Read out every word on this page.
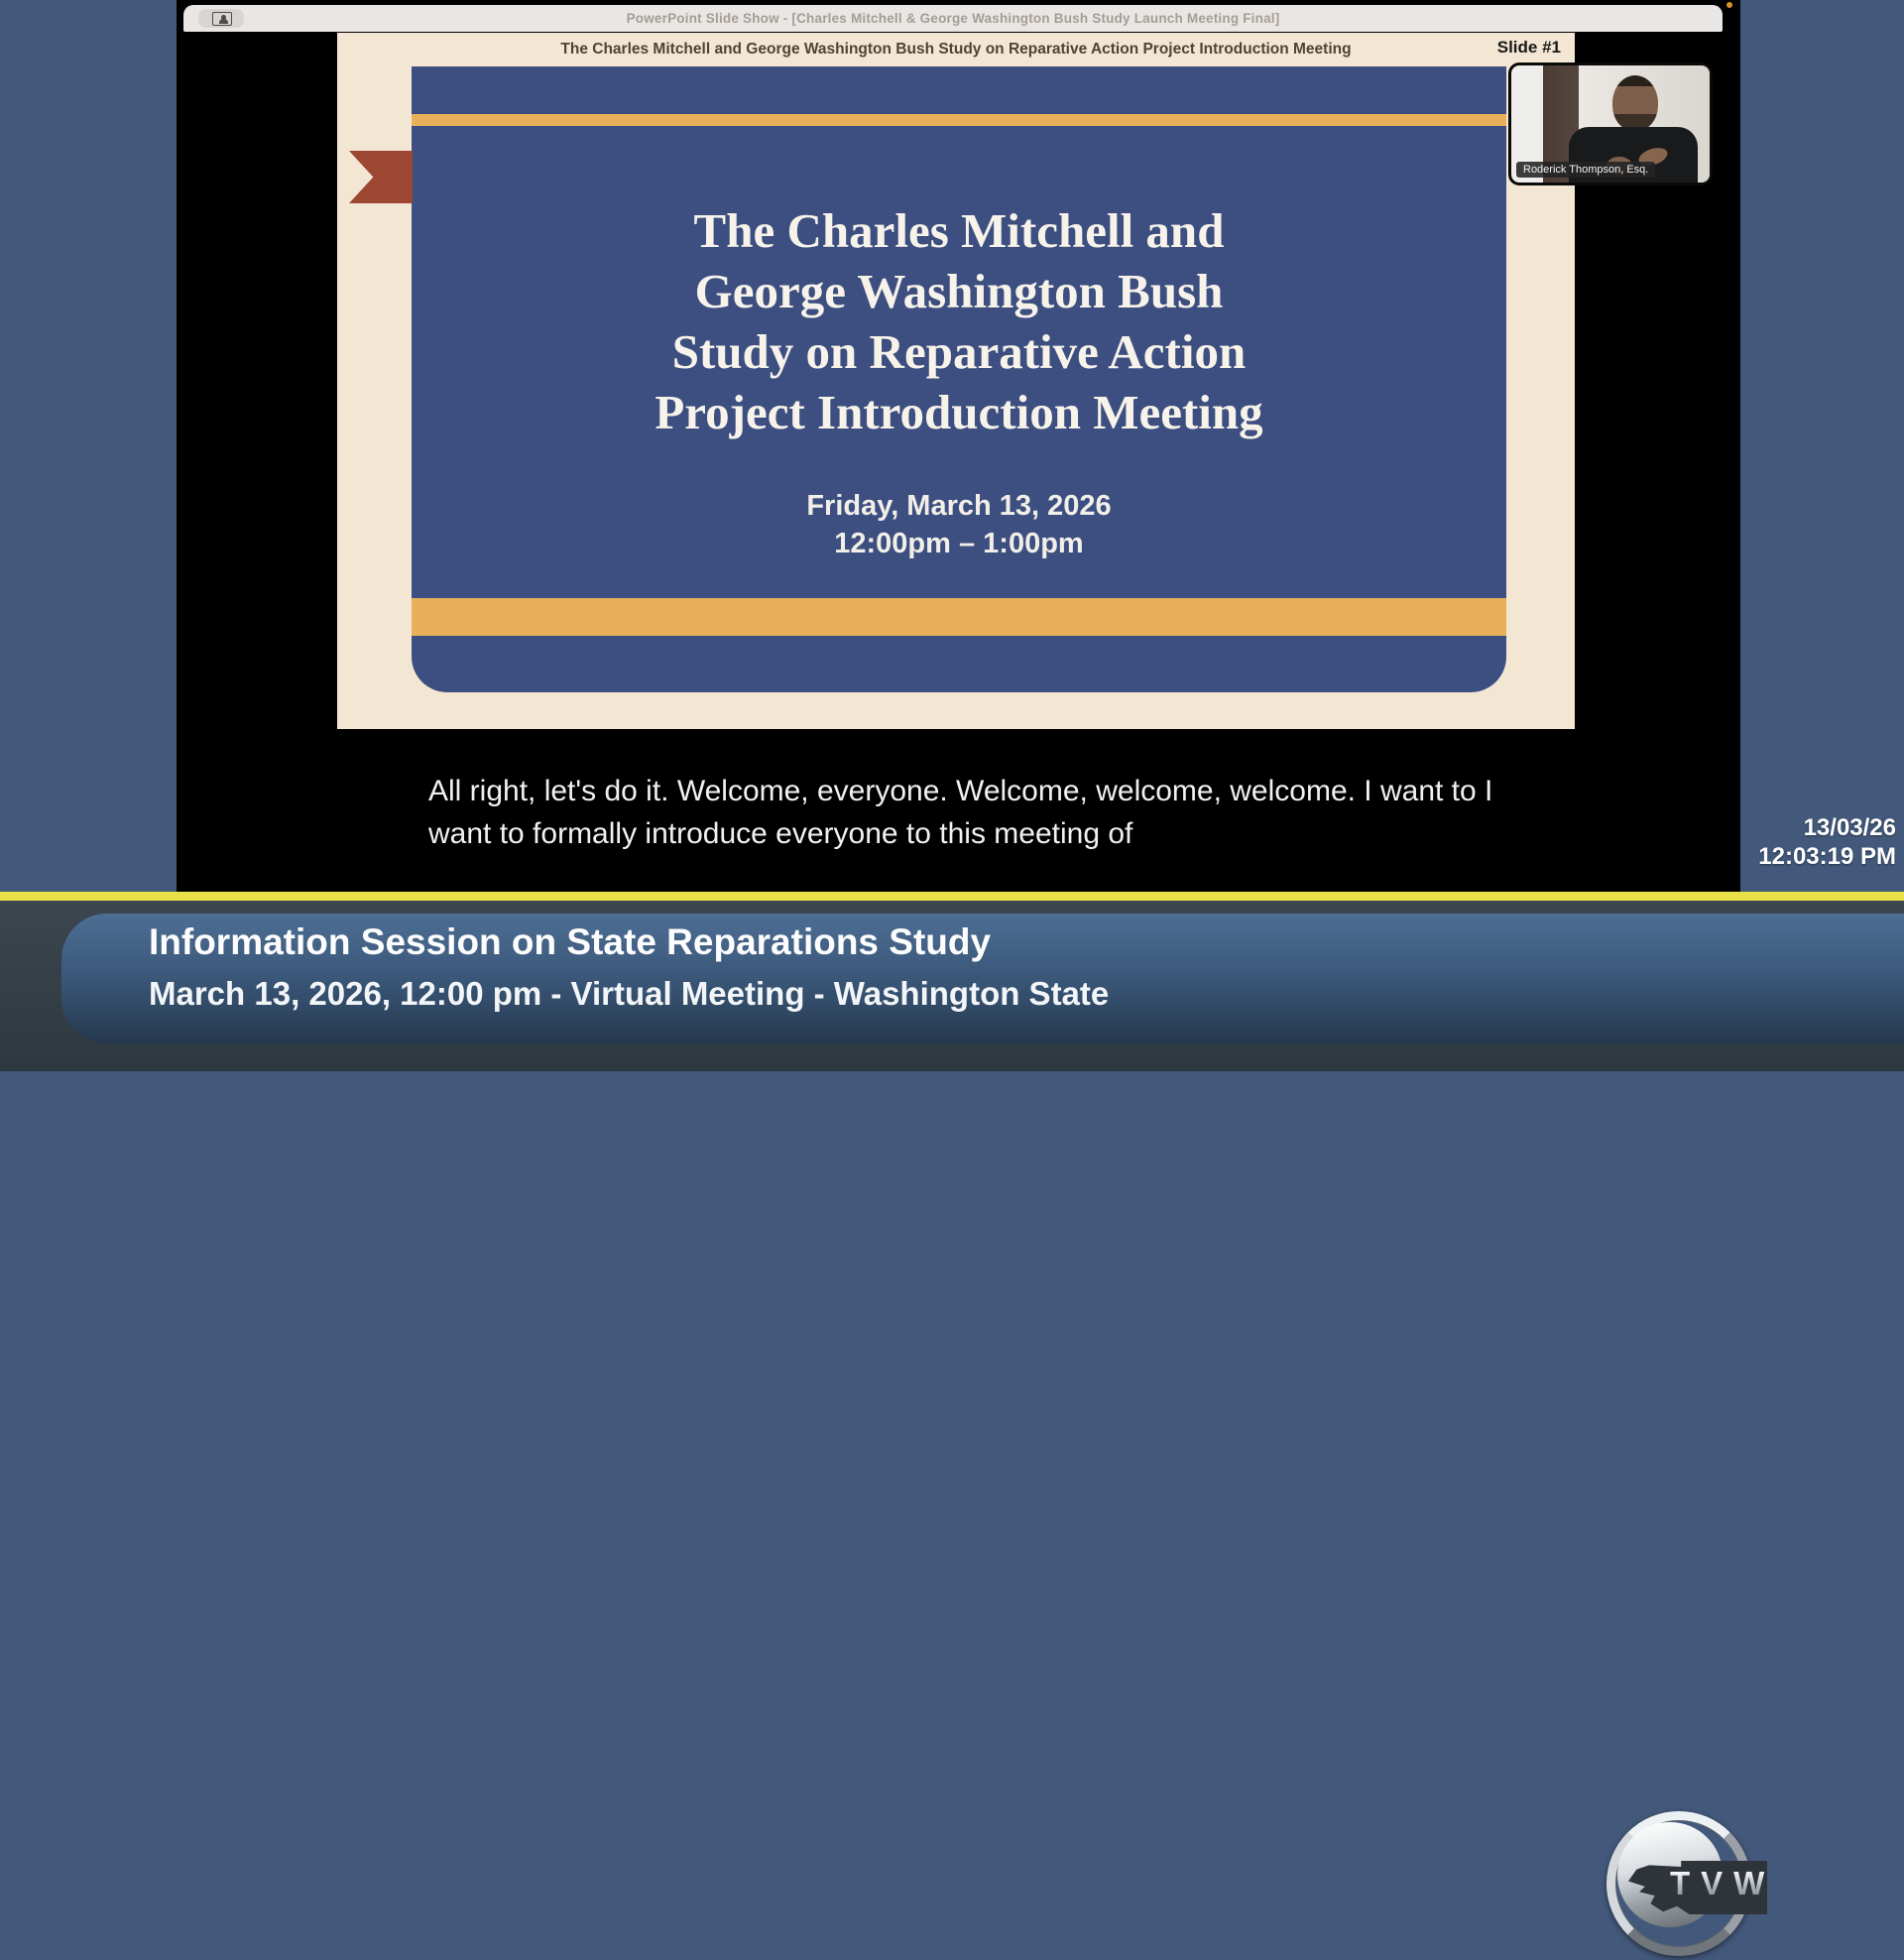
PowerPoint Slide Show - [Charles Mitchell & George Washington Bush Study Launch Meeting Final]
The Charles Mitchell and George Washington Bush Study on Reparative Action Project Introduction Meeting	Slide #1
The Charles Mitchell and
George Washington Bush
Study on Reparative Action
Project Introduction Meeting
Friday, March 13, 2026
12:00pm – 1:00pm
Roderick Thompson, Esq.
All right, let's do it. Welcome, everyone. Welcome, welcome, welcome. I want to I want to formally introduce everyone to this meeting of	13/03/26
12:03:19 PM
Information Session on State Reparations Study
March 13, 2026, 12:00 pm - Virtual Meeting - Washington State
TVW
